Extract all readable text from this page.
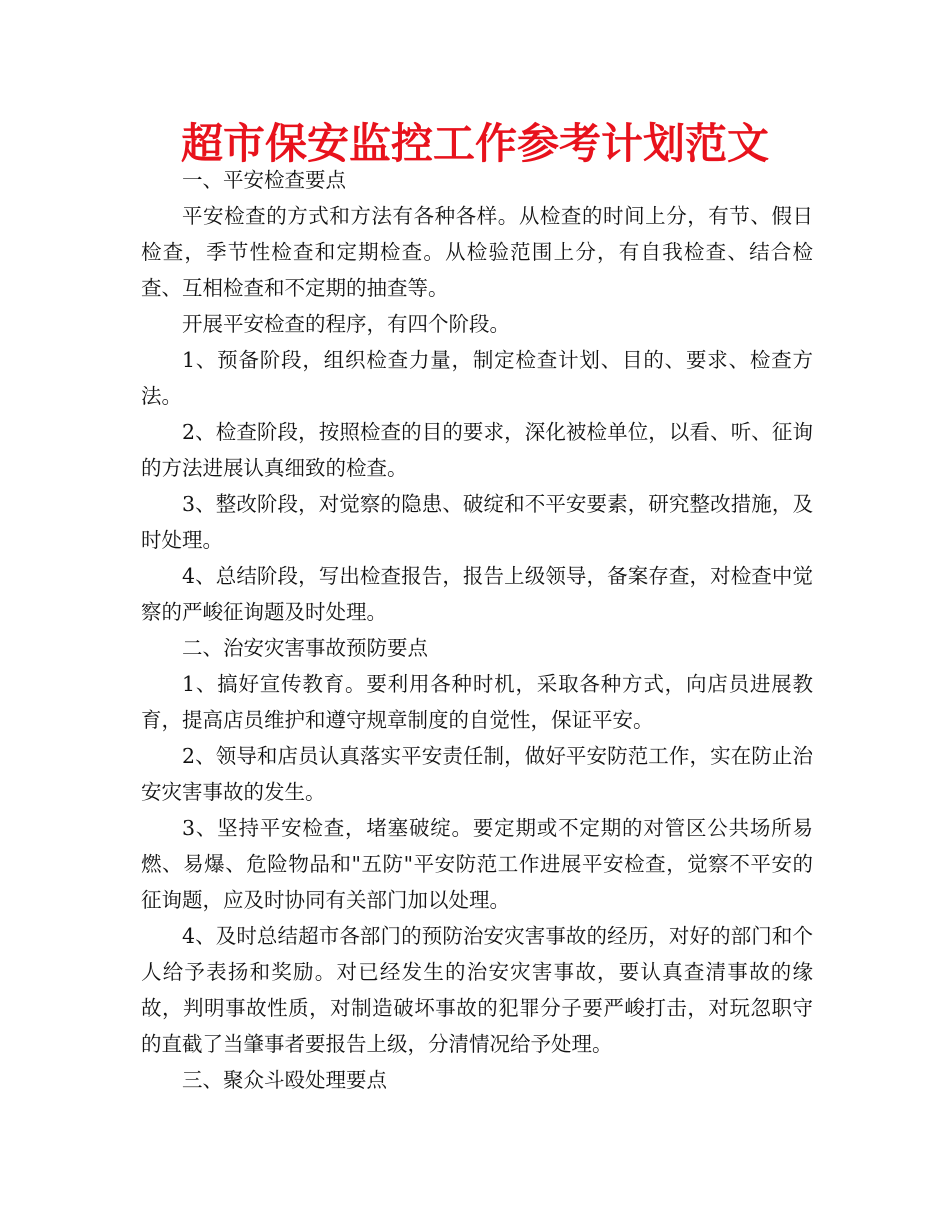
超市保安监控工作参考计划范文

一、平安检查要点

平安检查的方式和方法有各种各样。从检查的时间上分，有节、假日检查，季节性检查和定期检查。从检验范围上分，有自我检查、结合检查、互相检查和不定期的抽查等。

开展平安检查的程序，有四个阶段。

1、预备阶段，组织检查力量，制定检查计划、目的、要求、检查方法。

2、检查阶段，按照检查的目的要求，深化被检单位，以看、听、征询的方法进展认真细致的检查。

3、整改阶段，对觉察的隐患、破绽和不平安要素，研究整改措施，及时处理。

4、总结阶段，写出检查报告，报告上级领导，备案存查，对检查中觉察的严峻征询题及时处理。

二、治安灾害事故预防要点

1、搞好宣传教育。要利用各种时机，采取各种方式，向店员进展教育，提高店员维护和遵守规章制度的自觉性，保证平安。

2、领导和店员认真落实平安责任制，做好平安防范工作，实在防止治安灾害事故的发生。

3、坚持平安检查，堵塞破绽。要定期或不定期的对管区公共场所易燃、易爆、危险物品和"五防"平安防范工作进展平安检查，觉察不平安的征询题，应及时协同有关部门加以处理。

4、及时总结超市各部门的预防治安灾害事故的经历，对好的部门和个人给予表扬和奖励。对已经发生的治安灾害事故，要认真查清事故的缘故，判明事故性质，对制造破坏事故的犯罪分子要严峻打击，对玩忽职守的直截了当肇事者要报告上级，分清情况给予处理。

三、聚众斗殴处理要点
